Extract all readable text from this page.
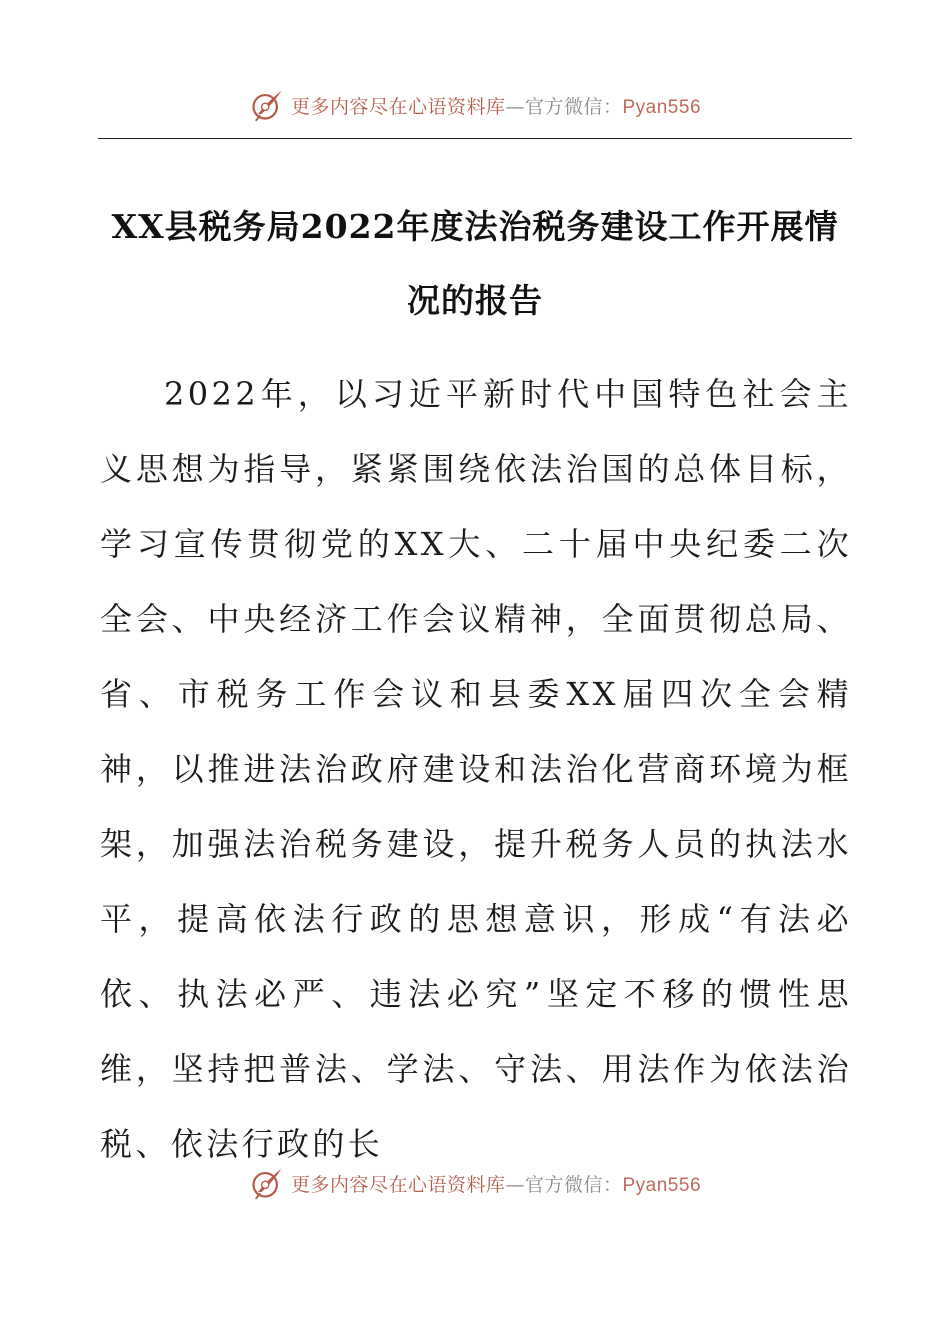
更多内容尽在心语资料库—官方微信：Pyan556
XX县税务局2022年度法治税务建设工作开展情况的报告

2022年，以习近平新时代中国特色社会主义思想为指导，紧紧围绕依法治国的总体目标，学习宣传贯彻党的XX大、二十届中央纪委二次全会、中央经济工作会议精神，全面贯彻总局、省、市税务工作会议和县委XX届四次全会精神，以推进法治政府建设和法治化营商环境为框架，加强法治税务建设，提升税务人员的执法水平，提高依法行政的思想意识，形成“有法必依、执法必严、违法必究”坚定不移的惯性思维，坚持把普法、学法、守法、用法作为依法治税、依法行政的长

更多内容尽在心语资料库—官方微信：Pyan556
